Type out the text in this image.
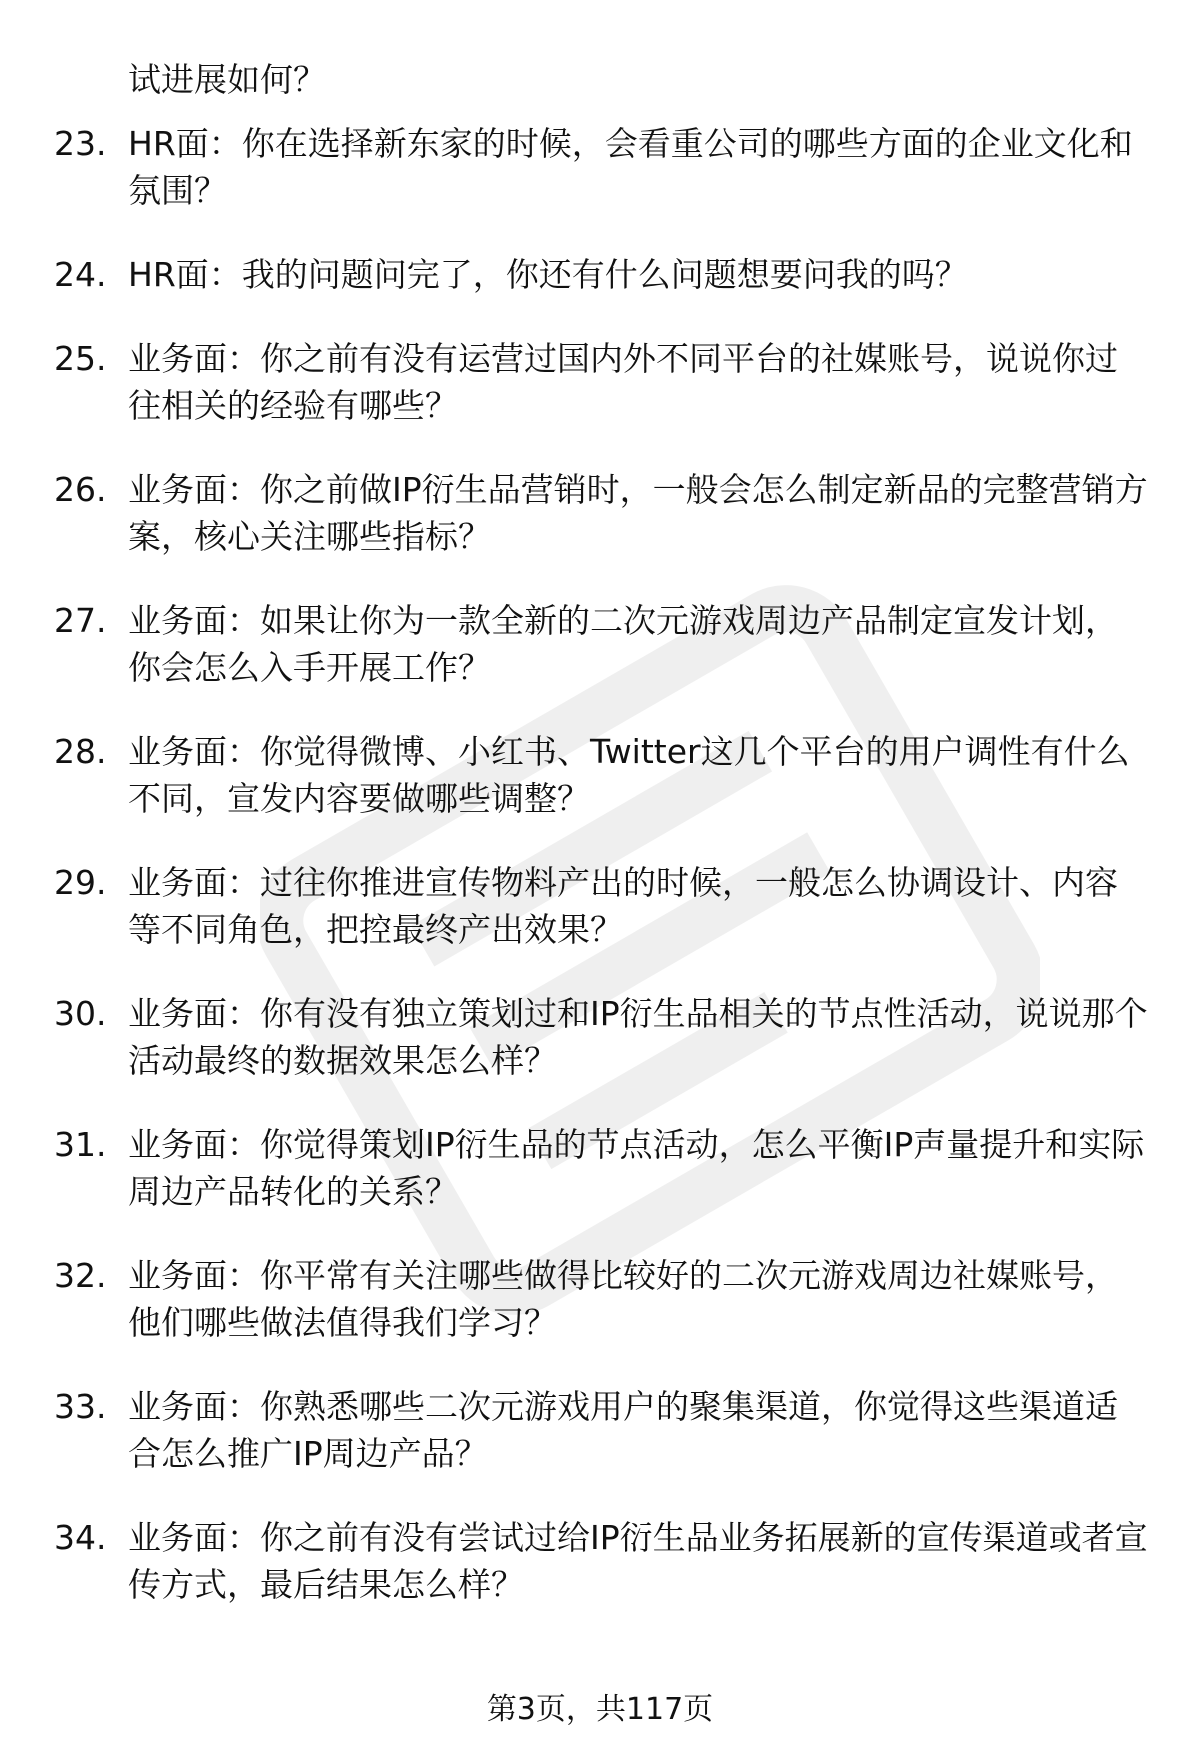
试进展如何？
23. HR面：你在选择新东家的时候，会看重公司的哪些方面的企业文化和氛围？
24. HR面：我的问题问完了，你还有什么问题想要问我的吗？
25. 业务面：你之前有没有运营过国内外不同平台的社媒账号，说说你过往相关的经验有哪些？
26. 业务面：你之前做IP衍生品营销时，一般会怎么制定新品的完整营销方案，核心关注哪些指标？
27. 业务面：如果让你为一款全新的二次元游戏周边产品制定宣发计划，你会怎么入手开展工作？
28. 业务面：你觉得微博、小红书、Twitter这几个平台的用户调性有什么不同，宣发内容要做哪些调整？
29. 业务面：过往你推进宣传物料产出的时候，一般怎么协调设计、内容等不同角色，把控最终产出效果？
30. 业务面：你有没有独立策划过和IP衍生品相关的节点性活动，说说那个活动最终的数据效果怎么样？
31. 业务面：你觉得策划IP衍生品的节点活动，怎么平衡IP声量提升和实际周边产品转化的关系？
32. 业务面：你平常有关注哪些做得比较好的二次元游戏周边社媒账号，他们哪些做法值得我们学习？
33. 业务面：你熟悉哪些二次元游戏用户的聚集渠道，你觉得这些渠道适合怎么推广IP周边产品？
34. 业务面：你之前有没有尝试过给IP衍生品业务拓展新的宣传渠道或者宣传方式，最后结果怎么样？
第3页，共117页
